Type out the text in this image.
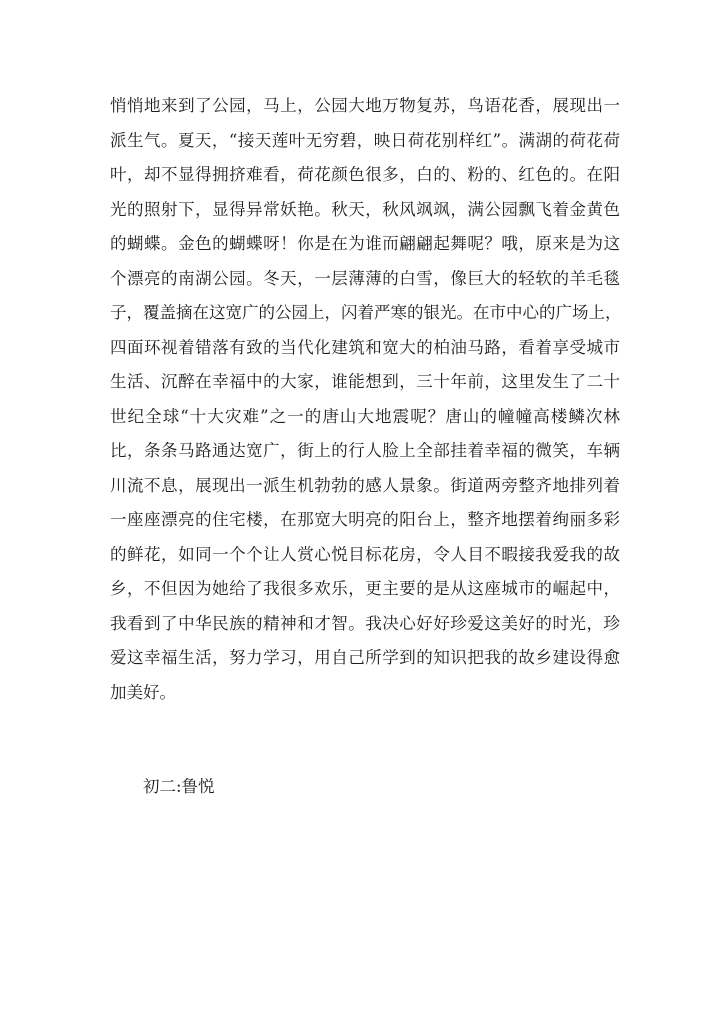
悄悄地来到了公园，马上，公园大地万物复苏，鸟语花香，展现出一
派生气。夏天，“接天莲叶无穷碧，映日荷花别样红”。满湖的荷花荷
叶，却不显得拥挤难看，荷花颜色很多，白的、粉的、红色的。在阳
光的照射下，显得异常妖艳。秋天，秋风飒飒，满公园飘飞着金黄色
的蝴蝶。金色的蝴蝶呀！你是在为谁而翩翩起舞呢？哦，原来是为这
个漂亮的南湖公园。冬天，一层薄薄的白雪，像巨大的轻软的羊毛毯
子，覆盖摘在这宽广的公园上，闪着严寒的银光。在市中心的广场上，
四面环视着错落有致的当代化建筑和宽大的柏油马路，看着享受城市
生活、沉醉在幸福中的大家，谁能想到，三十年前，这里发生了二十
世纪全球“十大灾难”之一的唐山大地震呢？唐山的幢幢高楼鳞次林
比，条条马路通达宽广，街上的行人脸上全部挂着幸福的微笑，车辆
川流不息，展现出一派生机勃勃的感人景象。街道两旁整齐地排列着
一座座漂亮的住宅楼，在那宽大明亮的阳台上，整齐地摆着绚丽多彩
的鲜花，如同一个个让人赏心悦目标花房，令人目不暇接我爱我的故
乡，不但因为她给了我很多欢乐，更主要的是从这座城市的崛起中，
我看到了中华民族的精神和才智。我决心好好珍爱这美好的时光，珍
爱这幸福生活，努力学习，用自己所学到的知识把我的故乡建设得愈
加美好。
初二:鲁悦
